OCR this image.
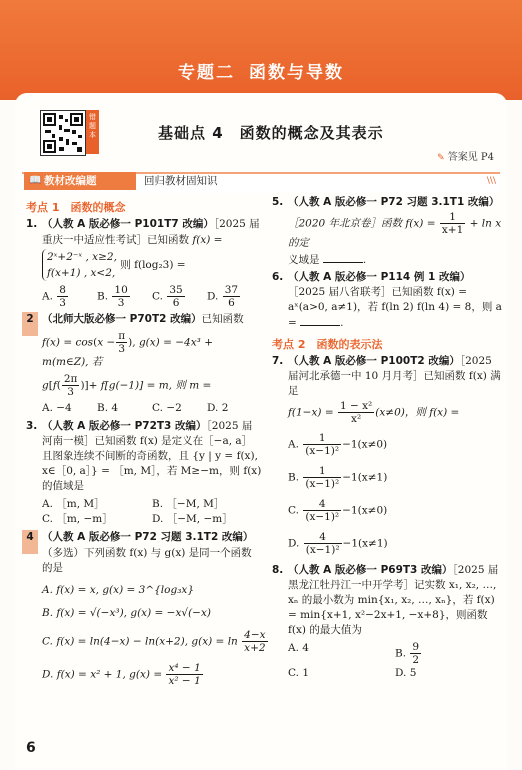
专题二 函数与导数
错题本	基础点 4　函数的概念及其表示
✎ 答案见 P4
📖 教材改编题	回归教材固知识	\\\
考点 1　函数的概念
1. （人教 A 版必修一 P101T7 改编）［2025 届
重庆一中适应性考试］已知函数 f(x) =
2ˣ+2⁻ˣ , x≥2,
f(x+1) , x<2,
则 f(log₂3) =
A. $\frac{8}{3}$	B. $\frac{10}{3} C$. $\frac{35}{6} D$. $\frac{37}{6}$
2 （北师大版必修一 P70T2 改编）已知函数
$f(x) = \cos(x - \frac{\pi}{3}$ ), g(x) = −4x³ + m(m∈Z), 若
$g[f( \frac{2\pi}{3}$ )]+ f[g(−1)] = m, 则 m =
A. −4	B. 4	C. −2	D. 2
3. （人教 A 版必修一 P72T3 改编）［2025 届河南一模］已知函数 f(x) 是定义在［−a, a］且图象连续不间断的奇函数，且 {y | y = f(x), x∈［0, a］} = ［m, M］，若 M≥−m，则 f(x) 的值域是
A. ［m, M］	B. ［−M, M］
C. ［m, −m］	D. ［−M, −m］
4 （人教 A 版必修一 P72 习题 3.1T2 改编）
（多选）下列函数 f(x) 与 g(x) 是同一个函数的是
A. f(x) = x, g(x) = 3^{log₃x}
B. f(x) = √(−x³), g(x) = −x√(−x)
C. f(x) = ln(4−x) − ln(x+2), $g(x) = \ln \frac{4-x}{x+2}$
D. f(x) = x² + 1, $g(x) = \frac{\text{x⁴ − 1}}{\text{x² − 1}}$
5. （人教 A 版必修一 P72 习题 3.1T1 改编）
［2020 年北京卷］函数 $f(x) = \frac{1}{x+1} + \ln x$ 的定
义域是	.
6. （人教 A 版必修一 P114 例 1 改编）［2025 届八省联考］已知函数 f(x) = aˣ(a>0, a≠1)，若 f(ln 2) f(ln 4) = 8，则 a =	.
考点 2　函数的表示法
7. （人教 A 版必修一 P100T2 改编）［2025 届河北承德一中 10 月月考］已知函数 f(x) 满足
$f(1-x) = \frac{\text{1 − x²}}{\text{x²}} (x\ne 0)$，则 f(x) =
A. $\frac{1}{\text{(x−1)²}} -1(x\ne 0)$
B. $\frac{1}{\text{(x−1)²}} -1(x\ne 1)$
C. $\frac{4}{\text{(x−1)²}} -1(x\ne 0)$
D. $\frac{4}{\text{(x−1)²}} -1(x\ne 1)$
8. （人教 A 版必修一 P69T3 改编）［2025 届黑龙江牡丹江一中开学考］记实数 x₁, x₂, …, xₙ 的最小数为 min{x₁, x₂, …, xₙ}，若 f(x) = min{x+1, x²−2x+1, −x+8}，则函数 f(x) 的最大值为
A. 4	B. $\frac{9}{2}$
C. 1	D. 5
6
